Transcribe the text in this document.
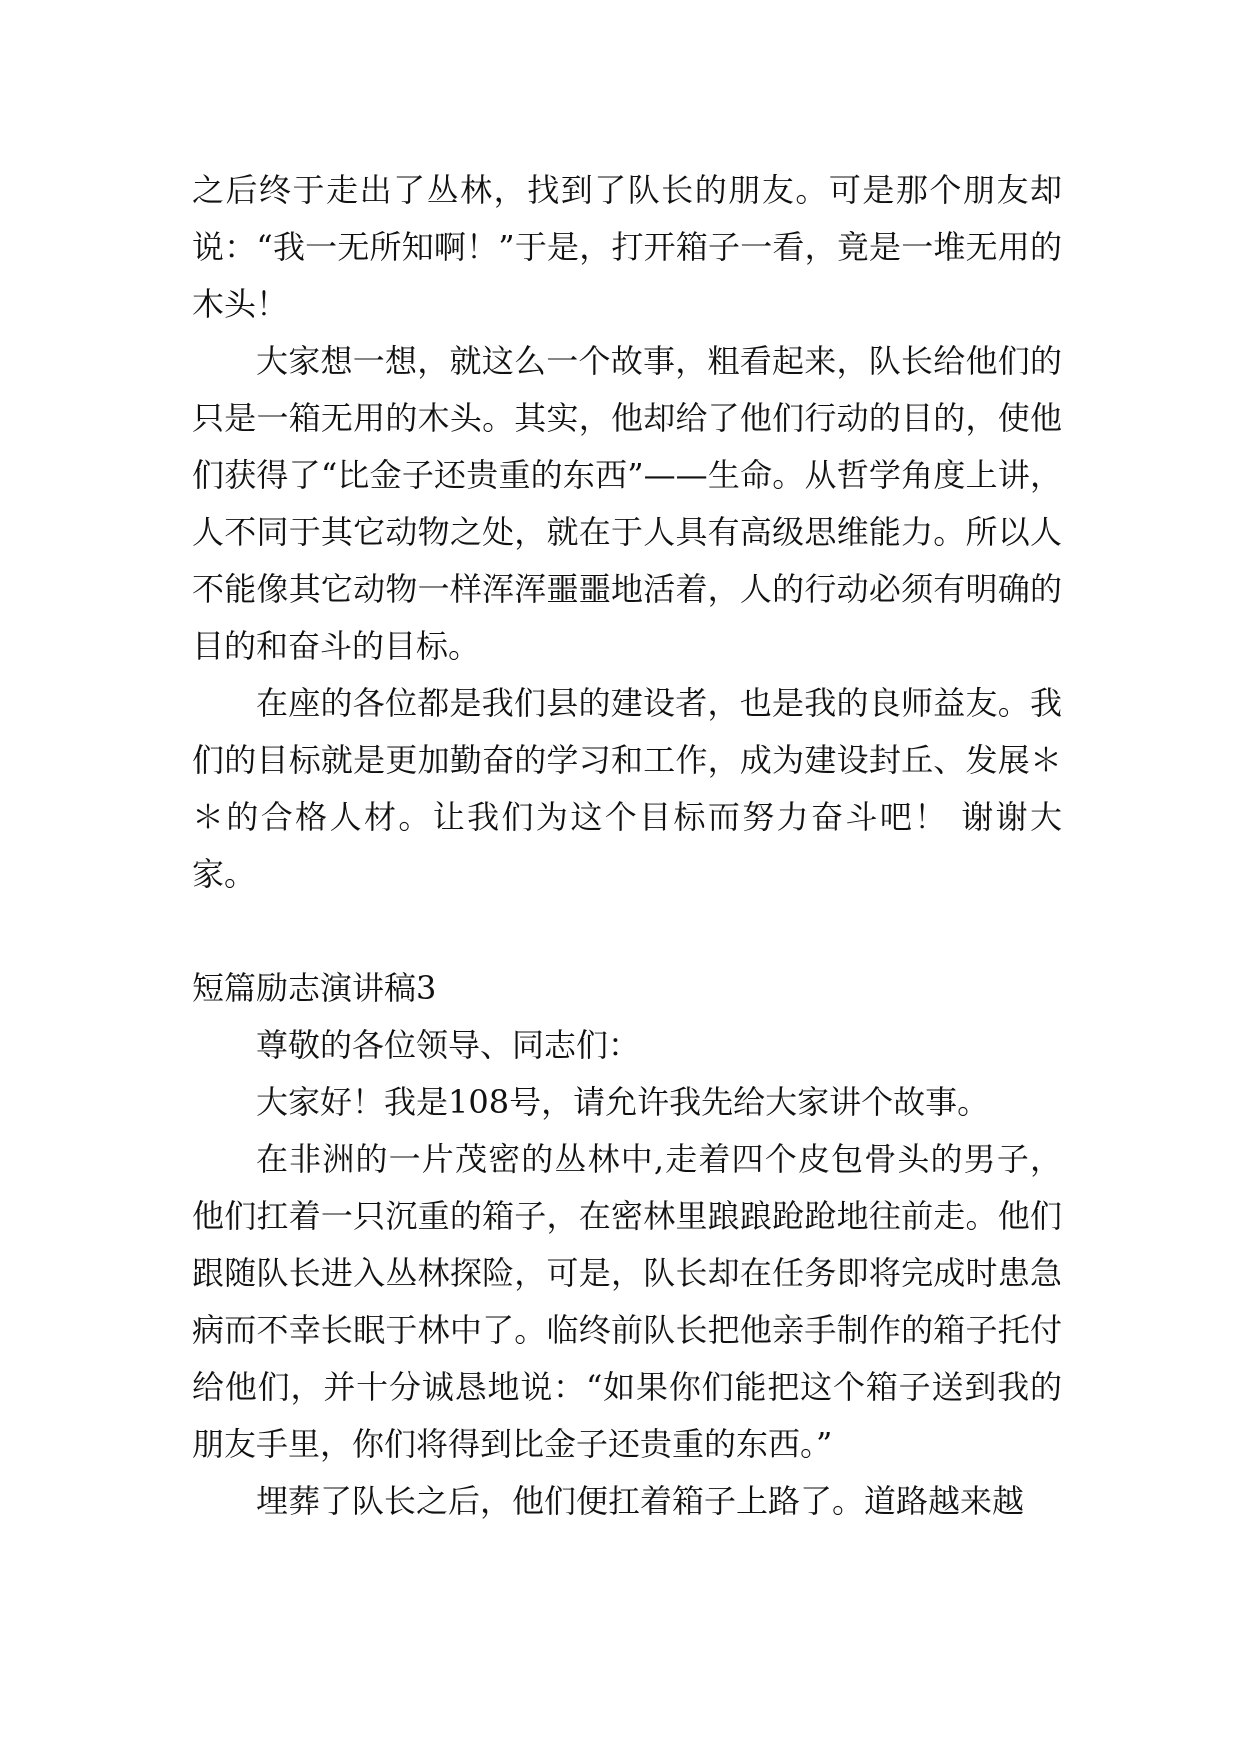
之后终于走出了丛林，找到了队长的朋友。可是那个朋友却说：“我一无所知啊！”于是，打开箱子一看，竟是一堆无用的木头！

大家想一想，就这么一个故事，粗看起来，队长给他们的只是一箱无用的木头。其实，他却给了他们行动的目的，使他们获得了“比金子还贵重的东西”——生命。从哲学角度上讲，人不同于其它动物之处，就在于人具有高级思维能力。所以人不能像其它动物一样浑浑噩噩地活着，人的行动必须有明确的目的和奋斗的目标。

在座的各位都是我们县的建设者，也是我的良师益友。我们的目标就是更加勤奋的学习和工作，成为建设封丘、发展＊＊的合格人材。让我们为这个目标而努力奋斗吧！ 谢谢大家。

短篇励志演讲稿3

尊敬的各位领导、同志们：

大家好！我是108号，请允许我先给大家讲个故事。

在非洲的一片茂密的丛林中,走着四个皮包骨头的男子，他们扛着一只沉重的箱子，在密林里踉踉跄跄地往前走。他们跟随队长进入丛林探险，可是，队长却在任务即将完成时患急病而不幸长眠于林中了。临终前队长把他亲手制作的箱子托付给他们，并十分诚恳地说：“如果你们能把这个箱子送到我的朋友手里，你们将得到比金子还贵重的东西。”

埋葬了队长之后，他们便扛着箱子上路了。道路越来越
